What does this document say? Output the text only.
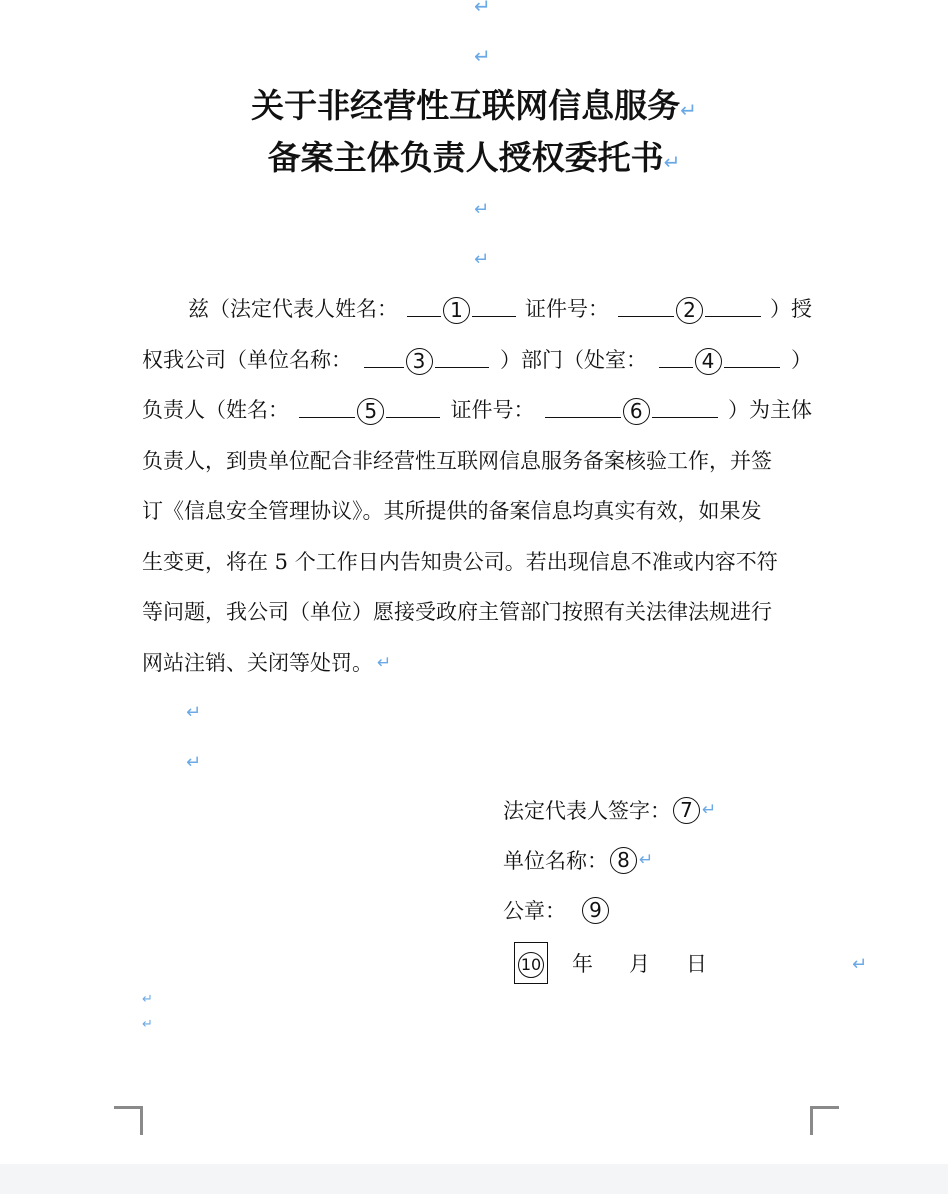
↵
↵
关于非经营性互联网信息服务↵
备案主体负责人授权委托书↵
↵
↵
兹（法定代表人姓名：	1	证件号：	2	）授
权我公司（单位名称：	3	）部门（处室：	4	）
负责人（姓名：	5	证件号：	6	）为主体
负责人，到贵单位配合非经营性互联网信息服务备案核验工作，并签
订《信息安全管理协议》。其所提供的备案信息均真实有效，如果发
生变更，将在 5 个工作日内告知贵公司。若出现信息不准或内容不符
等问题，我公司（单位）愿接受政府主管部门按照有关法律法规进行
网站注销、关闭等处罚。 ↵
↵
↵
法定代表人签字： 7 ↵
单位名称： 8 ↵
公章：	9
10	年 月 日	↵
↵
↵
